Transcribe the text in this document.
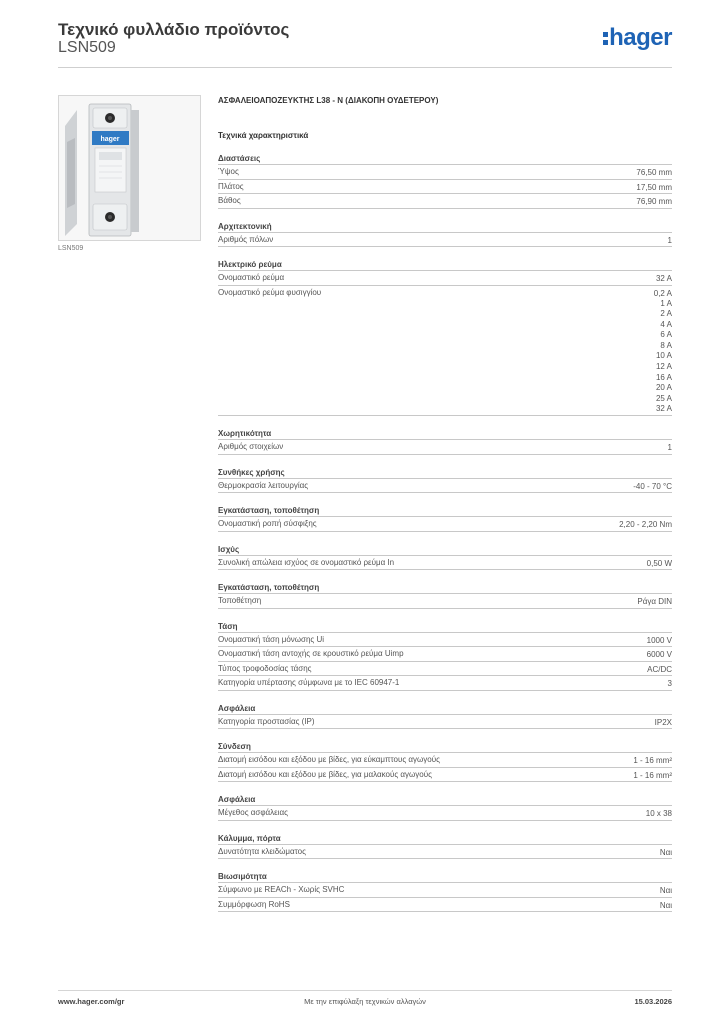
Τεχνικό φυλλάδιο προϊόντος
LSN509	hager
hager
LSN509
ΑΣΦΑΛΕΙΟΑΠΟΖΕΥΚΤΗΣ L38 - N (ΔΙΑΚΟΠΗ ΟΥΔΕΤΕΡΟΥ)
Τεχνικά χαρακτηριστικά
Διαστάσεις
Ύψος	76,50 mm
Πλάτος	17,50 mm
Βάθος	76,90 mm
Αρχιτεκτονική
Αριθμός πόλων	1
Ηλεκτρικό ρεύμα
Ονομαστικό ρεύμα	32 A
Ονομαστικό ρεύμα φυσιγγίου	0,2 A
1 A
2 A
4 A
6 A
8 A
10 A
12 A
16 A
20 A
25 A
32 A
Χωρητικότητα
Αριθμός στοιχείων	1
Συνθήκες χρήσης
Θερμοκρασία λειτουργίας	-40 - 70 °C
Εγκατάσταση, τοποθέτηση
Ονομαστική ροπή σύσφιξης	2,20 - 2,20 Nm
Ισχύς
Συνολική απώλεια ισχύος σε ονομαστικό ρεύμα In	0,50 W
Εγκατάσταση, τοποθέτηση
Τοποθέτηση	Ράγα DIN
Τάση
Ονομαστική τάση μόνωσης Ui	1000 V
Ονομαστική τάση αντοχής σε κρουστικό ρεύμα Uimp	6000 V
Τύπος τροφοδοσίας τάσης	AC/DC
Κατηγορία υπέρτασης σύμφωνα με το IEC 60947-1	3
Ασφάλεια
Κατηγορία προστασίας (IP)	IP2X
Σύνδεση
Διατομή εισόδου και εξόδου με βίδες, για εύκαμπτους αγωγούς	1 - 16 mm²
Διατομή εισόδου και εξόδου με βίδες, για μαλακούς αγωγούς	1 - 16 mm²
Ασφάλεια
Μέγεθος ασφάλειας	10 x 38
Κάλυμμα, πόρτα
Δυνατότητα κλειδώματος	Ναι
Βιωσιμότητα
Σύμφωνο με REACh - Χωρίς SVHC	Ναι
Συμμόρφωση RoHS	Ναι
www.hager.com/gr	Με την επιφύλαξη τεχνικών αλλαγών	15.03.2026
